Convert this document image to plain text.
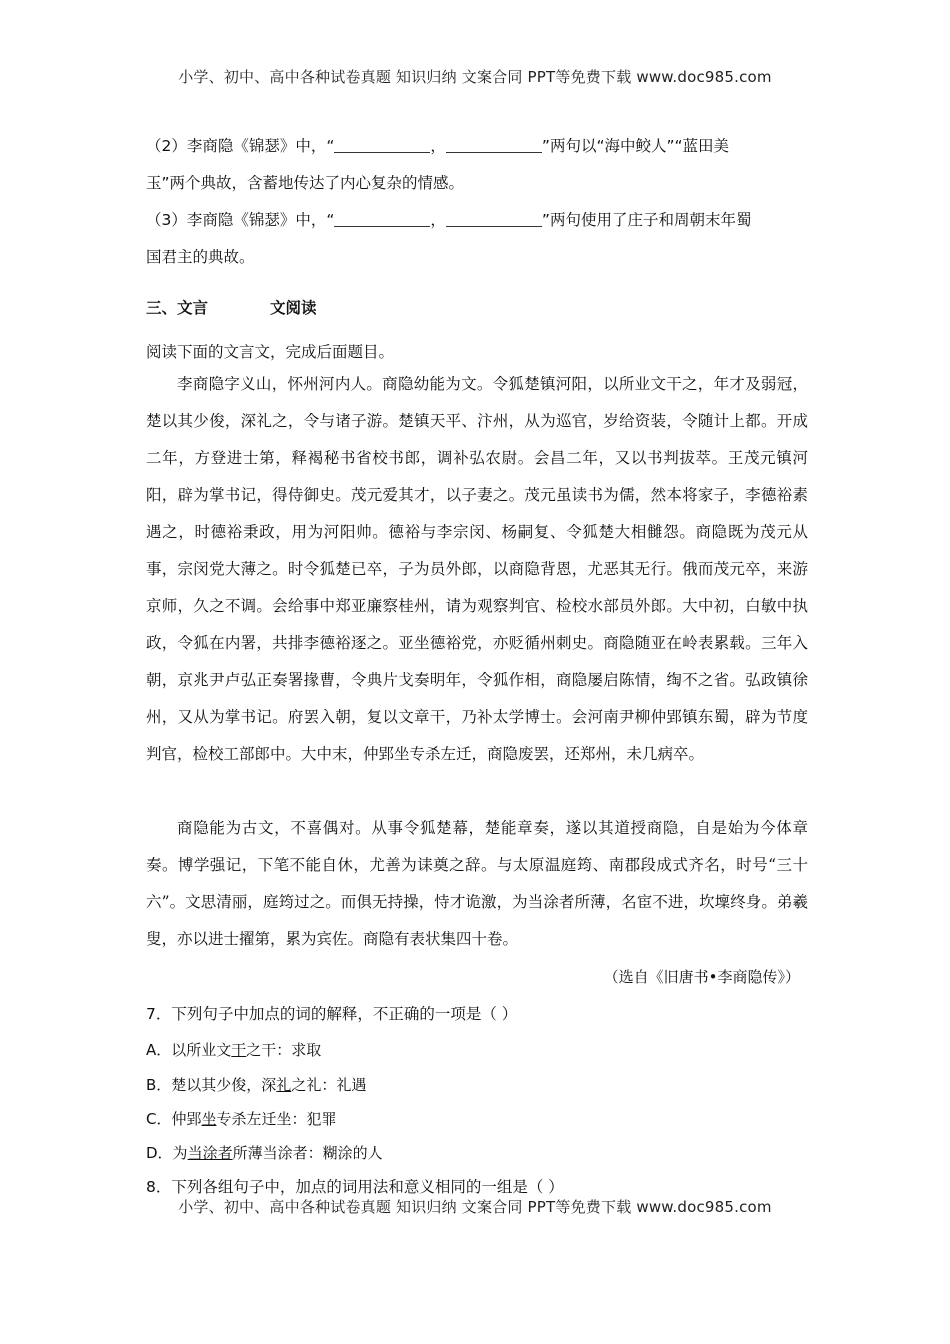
小学、初中、高中各种试卷真题 知识归纳 文案合同 PPT等免费下载 www.doc985.com
（2）李商隐《锦瑟》中，“	，	”两句以“海中鲛人”“蓝田美
玉”两个典故，含蓄地传达了内心复杂的情感。
（3）李商隐《锦瑟》中，“	，	”两句使用了庄子和周朝末年蜀
国君主的典故。
三、文言	文阅读
阅读下面的文言文，完成后面题目。
李商隐字义山，怀州河内人。商隐幼能为文。令狐楚镇河阳，以所业文干之，年才及弱冠，楚以其少俊，深礼之，令与诸子游。楚镇天平、汴州，从为巡官，岁给资装，令随计上都。开成二年，方登进士第，释褐秘书省校书郎，调补弘农尉。会昌二年，又以书判拔萃。王茂元镇河阳，辟为掌书记，得侍御史。茂元爱其才，以子妻之。茂元虽读书为儒，然本将家子，李德裕素遇之，时德裕秉政，用为河阳帅。德裕与李宗闵、杨嗣复、令狐楚大相雠怨。商隐既为茂元从事，宗闵党大薄之。时令狐楚已卒，子为员外郎，以商隐背恩，尤恶其无行。俄而茂元卒，来游京师，久之不调。会给事中郑亚廉察桂州，请为观察判官、检校水部员外郎。大中初，白敏中执政，令狐在内署，共排李德裕逐之。亚坐德裕党，亦贬循州刺史。商隐随亚在岭表累载。三年入朝，京兆尹卢弘正奏署掾曹，令典片戈奏明年，令狐作相，商隐屡启陈情，绹不之省。弘政镇徐州，又从为掌书记。府罢入朝，复以文章干，乃补太学博士。会河南尹柳仲郢镇东蜀，辟为节度判官，检校工部郎中。大中末，仲郢坐专杀左迁，商隐废罢，还郑州，未几病卒。
商隐能为古文，不喜偶对。从事令狐楚幕，楚能章奏，遂以其道授商隐，自是始为今体章奏。博学强记，下笔不能自休，尤善为诔奠之辞。与太原温庭筠、南郡段成式齐名，时号“三十六”。文思清丽，庭筠过之。而俱无持操，恃才诡激，为当涂者所薄，名宦不进，坎壈终身。弟羲叟，亦以进士擢第，累为宾佐。商隐有表状集四十卷。
（选自《旧唐书•李商隐传》）
7．下列句子中加点的词的解释，不正确的一项是（ ）
A．以所业文干之干：求取
B．楚以其少俊，深礼之礼：礼遇
C．仲郢坐专杀左迁坐：犯罪
D．为当涂者所薄当涂者：糊涂的人
8．下列各组句子中，加点的词用法和意义相同的一组是（ ）
小学、初中、高中各种试卷真题 知识归纳 文案合同 PPT等免费下载 www.doc985.com
